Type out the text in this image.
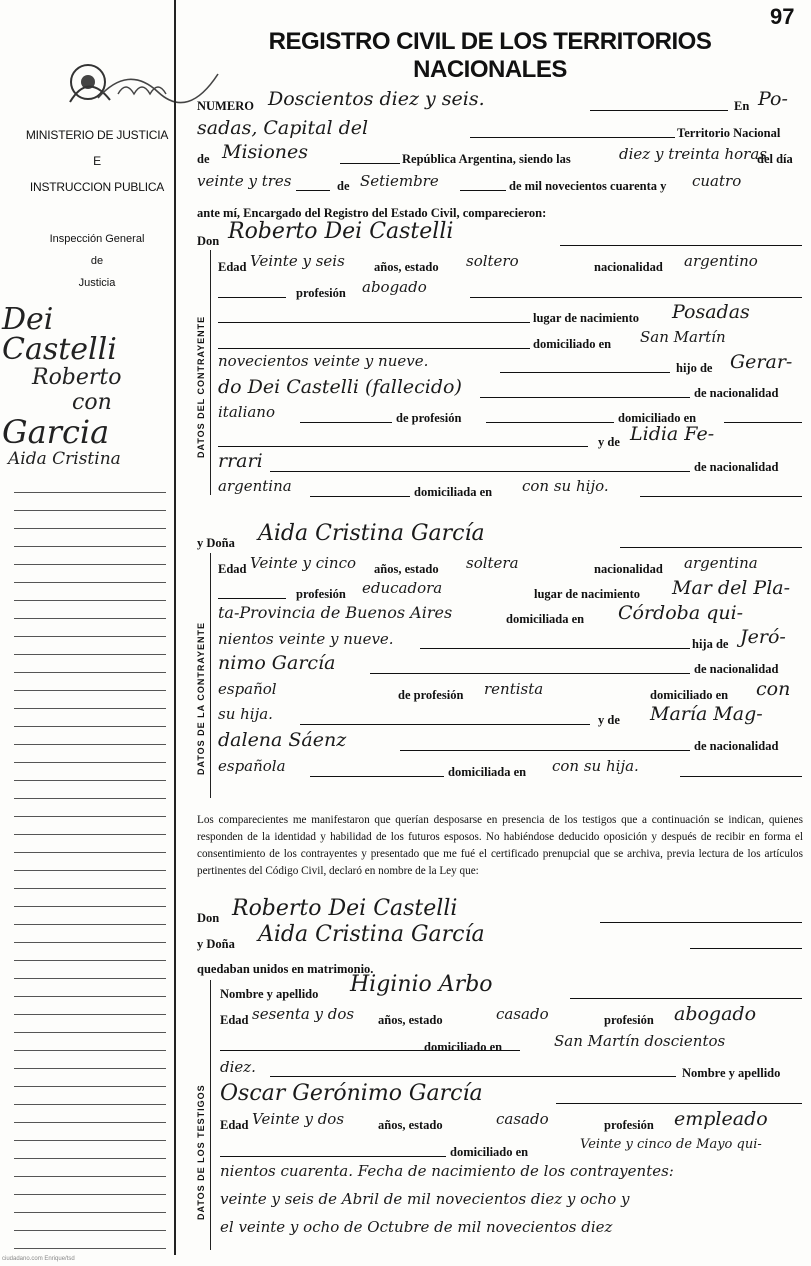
MINISTERIO DE JUSTICIA
E
INSTRUCCION PUBLICA
Inspección General
de
Justicia
Dei Castelli
Roberto
con
Garcia
Aida Cristina
97
REGISTRO CIVIL DE LOS TERRITORIOS NACIONALES
NUMERO Doscientos diez y seis.	En Po-
sadas, Capital del	Territorio Nacional
de Misiones	República Argentina, siendo las	diez y treinta horas
del día
veinte y tres	de Setiembre	de mil novecientos cuarenta y cuatro
ante mí, Encargado del Registro del Estado Civil, comparecieron:
Don Roberto Dei Castelli
DATOS DEL CONTRAYENTE
Edad Veinte y seis años, estado soltero	nacionalidad argentino
profesión abogado
lugar de nacimiento Posadas
domiciliado en San Martín
novecientos veinte y nueve.	hijo de Gerar-
do Dei Castelli (fallecido)	de nacionalidad
italiano	de profesión	domiciliado en
y de Lidia Fe-
rrari	de nacionalidad
argentina	domiciliada en con su hijo.
y Doña Aida Cristina García
DATOS DE LA CONTRAYENTE
Edad Veinte y cinco años, estado soltera	nacionalidad argentina
profesión educadora	lugar de nacimiento Mar del Pla-
ta-Provincia de Buenos Aires	domiciliada en Córdoba qui-
nientos veinte y nueve.	hija de Jeró-
nimo García	de nacionalidad
español	de profesión rentista	domiciliado en con
su hija.	y de María Mag-
dalena Sáenz	de nacionalidad
española	domiciliada en con su hija.
Los comparecientes me manifestaron que querían desposarse en presencia de los testigos que a continuación se indican, quienes responden de la identidad y habilidad de los futuros esposos. No habiéndose deducido oposición y después de recibir en forma el consentimiento de los contrayentes y presentado que me fué el certificado prenupcial que se archiva, previa lectura de los artículos pertinentes del Código Civil, declaró en nombre de la Ley que:
Don Roberto Dei Castelli
y Doña Aida Cristina García
quedaban unidos en matrimonio.
DATOS DE LOS TESTIGOS
Nombre y apellido Higinio Arbo
Edad sesenta y dos años, estado	casado	profesión abogado
domiciliado en	San Martín doscientos
diez.	Nombre y apellido
Oscar Gerónimo García
Edad Veinte y dos	años, estado	casado	profesión empleado
domiciliado en	Veinte y cinco de Mayo qui-
nientos cuarenta. Fecha de nacimiento de los contrayentes:
veinte y seis de Abril de mil novecientos diez y ocho y
el veinte y ocho de Octubre de mil novecientos diez
ciudadano.com Enrique/tsd
